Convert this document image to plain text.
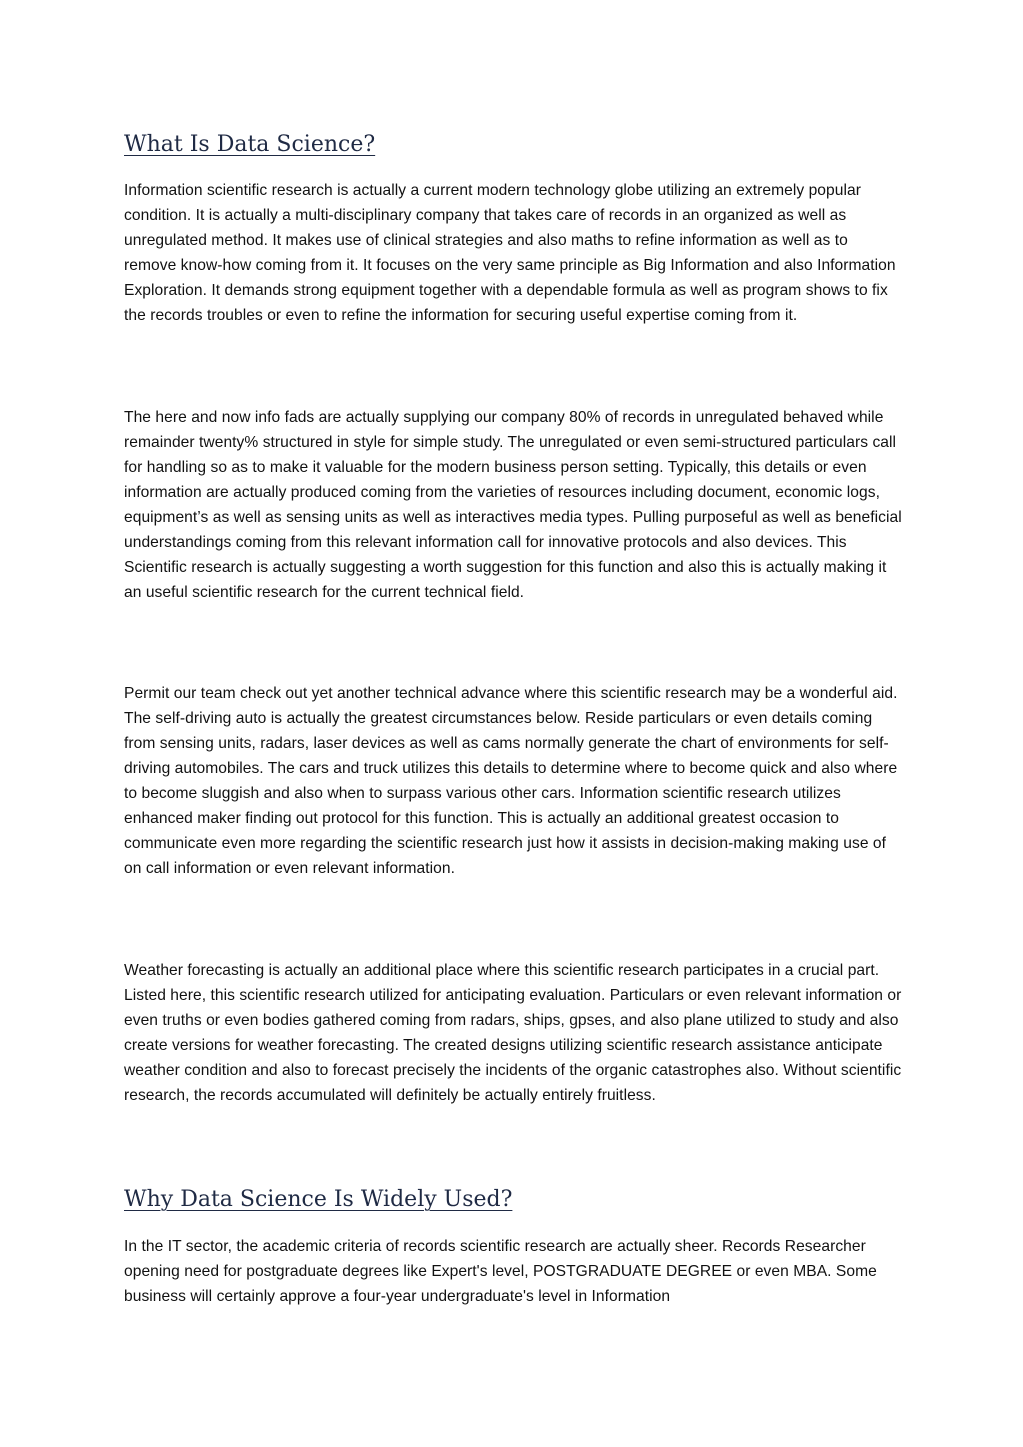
What Is Data Science?

Information scientific research is actually a current modern technology globe utilizing an extremely popular condition. It is actually a multi-disciplinary company that takes care of records in an organized as well as unregulated method. It makes use of clinical strategies and also maths to refine information as well as to remove know-how coming from it. It focuses on the very same principle as Big Information and also Information Exploration. It demands strong equipment together with a dependable formula as well as program shows to fix the records troubles or even to refine the information for securing useful expertise coming from it.

The here and now info fads are actually supplying our company 80% of records in unregulated behaved while remainder twenty% structured in style for simple study. The unregulated or even semi-structured particulars call for handling so as to make it valuable for the modern business person setting. Typically, this details or even information are actually produced coming from the varieties of resources including document, economic logs, equipment’s as well as sensing units as well as interactives media types. Pulling purposeful as well as beneficial understandings coming from this relevant information call for innovative protocols and also devices. This Scientific research is actually suggesting a worth suggestion for this function and also this is actually making it an useful scientific research for the current technical field.

Permit our team check out yet another technical advance where this scientific research may be a wonderful aid. The self-driving auto is actually the greatest circumstances below. Reside particulars or even details coming from sensing units, radars, laser devices as well as cams normally generate the chart of environments for self-driving automobiles. The cars and truck utilizes this details to determine where to become quick and also where to become sluggish and also when to surpass various other cars. Information scientific research utilizes enhanced maker finding out protocol for this function. This is actually an additional greatest occasion to communicate even more regarding the scientific research just how it assists in decision-making making use of on call information or even relevant information.

Weather forecasting is actually an additional place where this scientific research participates in a crucial part. Listed here, this scientific research utilized for anticipating evaluation. Particulars or even relevant information or even truths or even bodies gathered coming from radars, ships, gpses, and also plane utilized to study and also create versions for weather forecasting. The created designs utilizing scientific research assistance anticipate weather condition and also to forecast precisely the incidents of the organic catastrophes also. Without scientific research, the records accumulated will definitely be actually entirely fruitless.

Why Data Science Is Widely Used?

In the IT sector, the academic criteria of records scientific research are actually sheer. Records Researcher opening need for postgraduate degrees like Expert's level, POSTGRADUATE DEGREE or even MBA. Some business will certainly approve a four-year undergraduate's level in Information
